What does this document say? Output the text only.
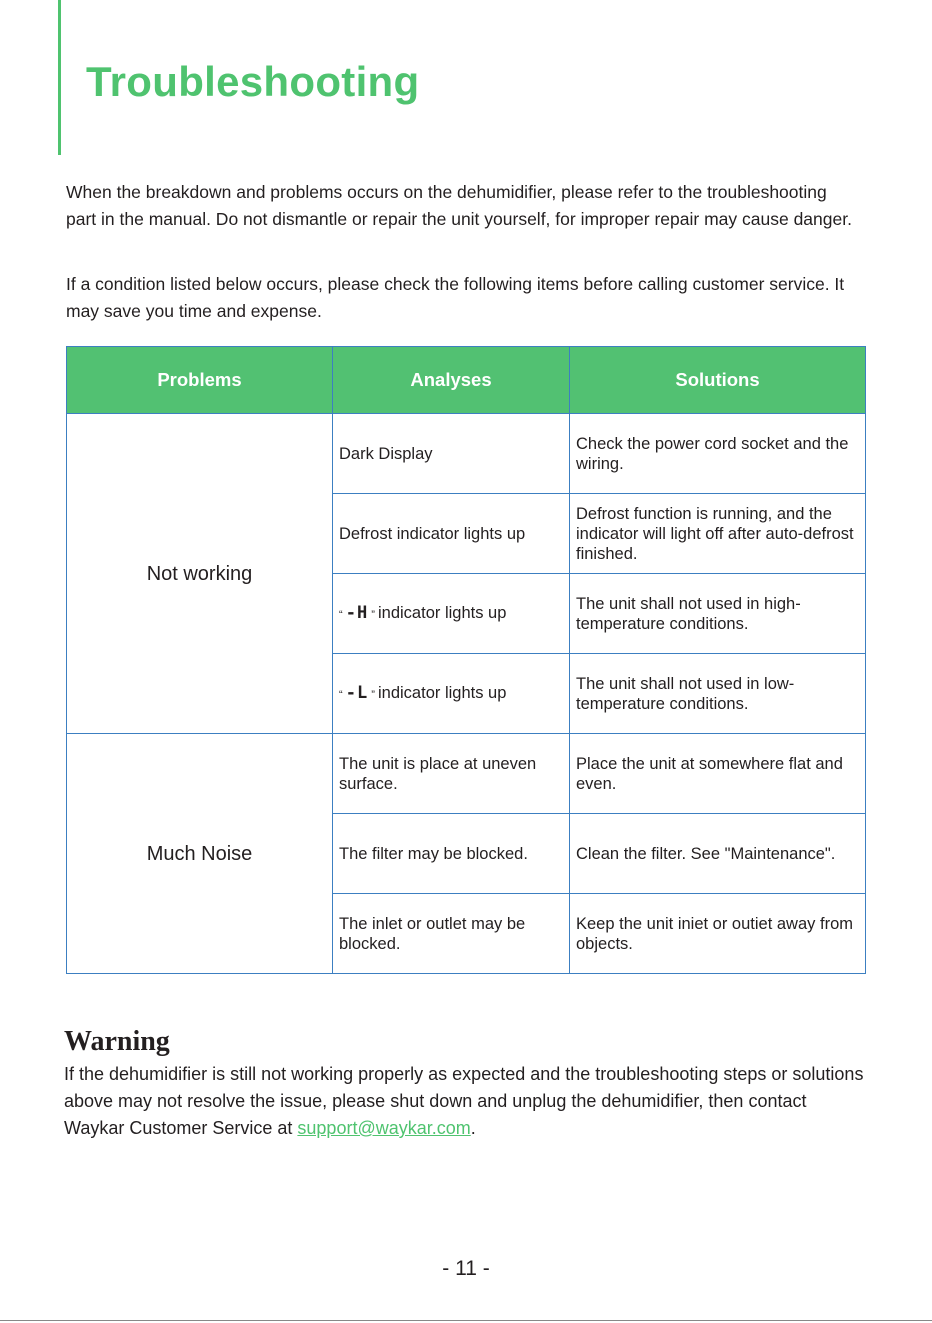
Troubleshooting

When the breakdown and problems occurs on the dehumidifier, please refer to the troubleshooting part in the manual. Do not dismantle or repair the unit yourself, for improper repair may cause danger.

If a condition listed below occurs, please check the following items before calling customer service. It may save you time and expense.

Problems	Analyses	Solutions
Not working	Dark Display	Check the power cord socket and the wiring.
	Defrost indicator lights up	Defrost function is running, and the indicator will light off after auto-defrost finished.
	“ -H ” indicator lights up	The unit shall not used in high-temperature conditions.
	“ -L ” indicator lights up	The unit shall not used in low-temperature conditions.
Much Noise	The unit is place at uneven surface.	Place the unit at somewhere flat and even.
	The filter may be blocked.	Clean the filter. See "Maintenance".
	The inlet or outlet may be blocked.	Keep the unit iniet or outiet away from objects.
Warning

If the dehumidifier is still not working properly as expected and the troubleshooting steps or solutions above may not resolve the issue, please shut down and unplug the dehumidifier, then contact Waykar Customer Service at support@waykar.com.

- 11 -
